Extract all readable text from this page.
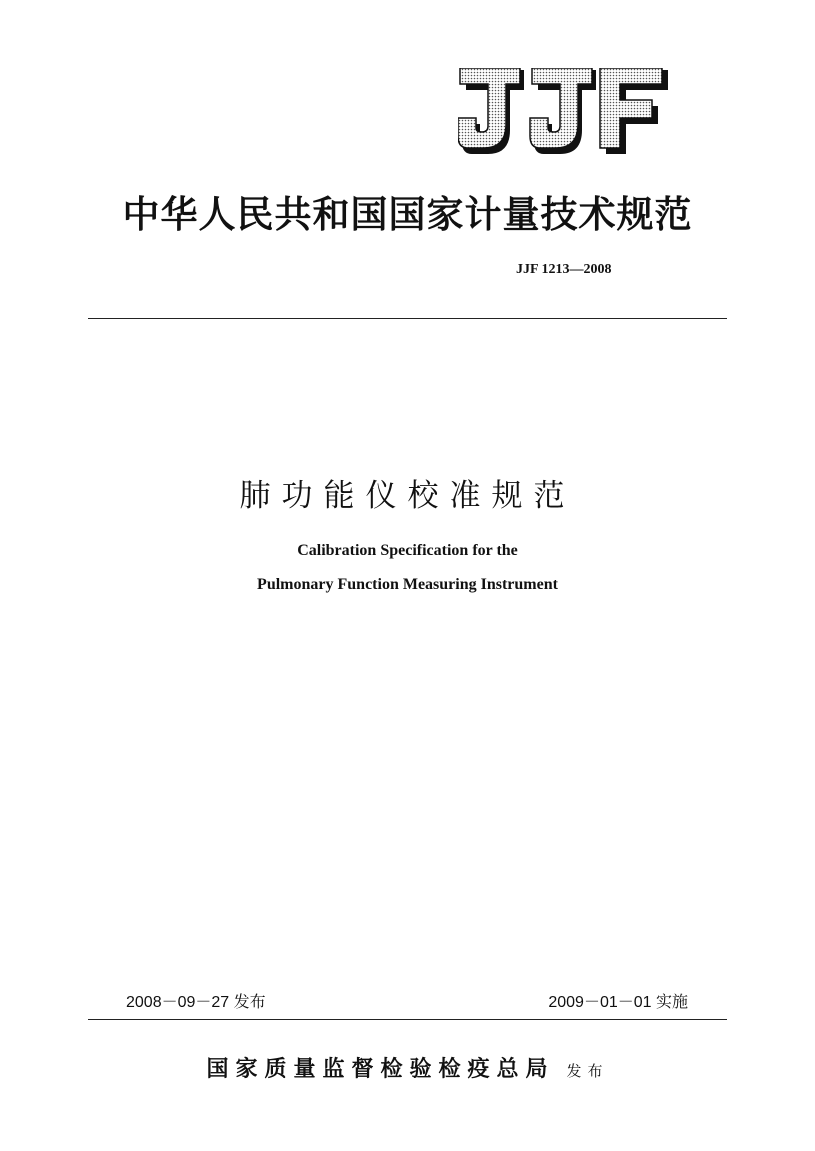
中华人民共和国国家计量技术规范
JJF 1213—2008
肺功能仪校准规范
Calibration Specification for the
Pulmonary Function Measuring Instrument
2008－09－27 发布	2009－01－01 实施
国家质量监督检验检疫总局 发布
